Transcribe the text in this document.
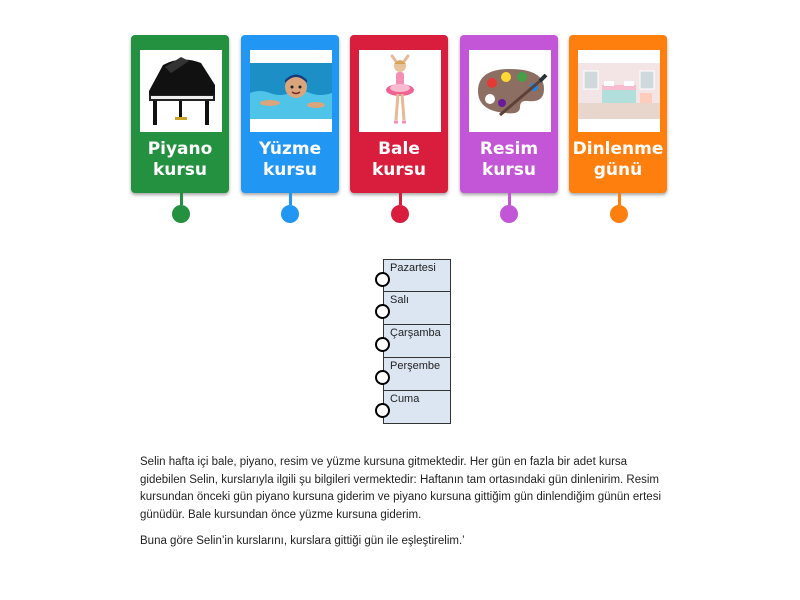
Piyano
kursu
Yüzme
kursu
Bale
kursu
Resim
kursu
Dinlenme
günü
Pazartesi
Salı
Çarşamba
Perşembe
Cuma

Selin hafta içi bale, piyano, resim ve yüzme kursuna gitmektedir. Her gün en fazla bir adet kursa gidebilen Selin, kurslarıyla ilgili şu bilgileri vermektedir: Haftanın tam ortasındaki gün dinlenirim. Resim kursundan önceki gün piyano kursuna giderim ve piyano kursuna gittiğim gün dinlendiğim günün ertesi günüdür. Bale kursundan önce yüzme kursuna giderim.

Buna göre Selin’in kurslarını, kurslara gittiği gün ile eşleştirelim.’
